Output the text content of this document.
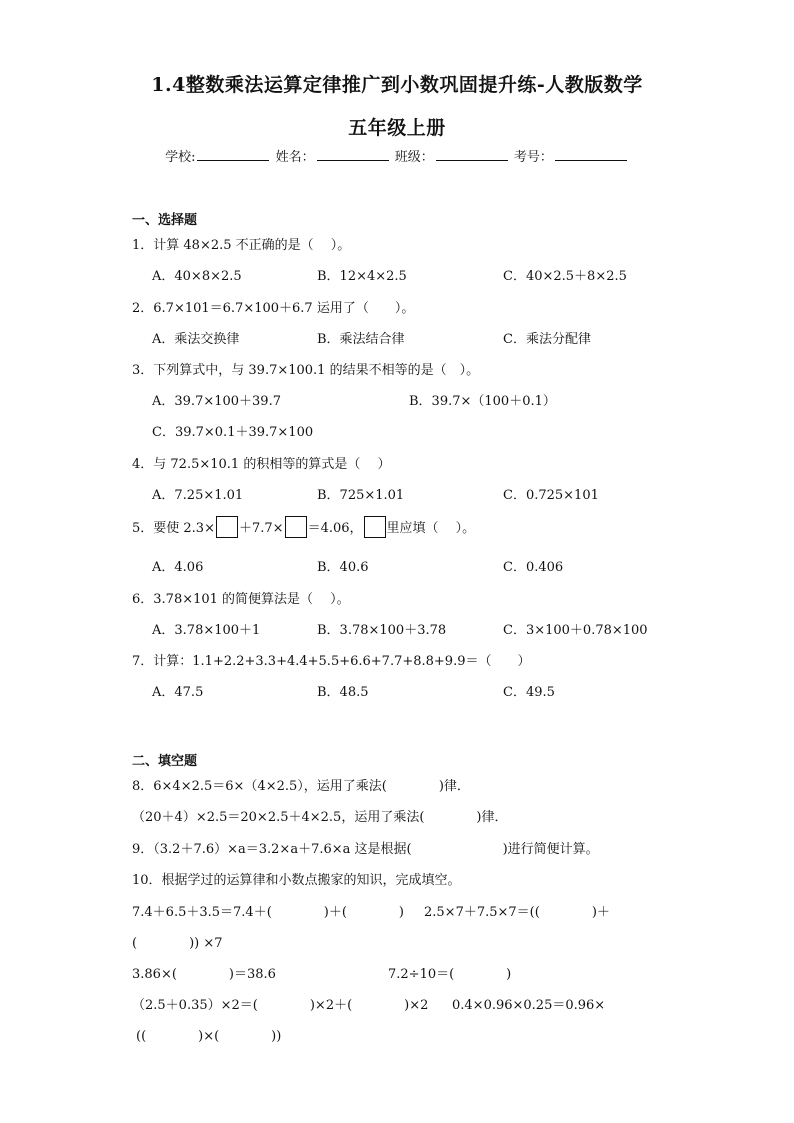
1.4整数乘法运算定律推广到小数巩固提升练-人教版数学
五年级上册
学校:	姓名：	班级：	考号：
一、选择题
1．计算 48×2.5 不正确的是（　 ）。
A．40×8×2.5	B．12×4×2.5	C．40×2.5＋8×2.5
2．6.7×101＝6.7×100＋6.7 运用了（　　）。
A．乘法交换律	B．乘法结合律	C．乘法分配律
3．下列算式中，与 39.7×100.1 的结果不相等的是（　）。
A．39.7×100＋39.7	B．39.7×（100＋0.1）
C．39.7×0.1＋39.7×100
4．与 72.5×10.1 的积相等的算式是（　 ）
A．7.25×1.01	B．725×1.01	C．0.725×101
5．要使 2.3× ＋7.7× ＝4.06， 里应填（　 ）。
A．4.06	B．40.6	C．0.406
6．3.78×101 的简便算法是（　 ）。
A．3.78×100＋1	B．3.78×100＋3.78	C．3×100＋0.78×100
7．计算：1.1+2.2+3.3+4.4+5.5+6.6+7.7+8.8+9.9＝（　　）
A．47.5	B．48.5	C．49.5
二、填空题
8．6×4×2.5＝6×（4×2.5），运用了乘法(　　　　)律．
（20＋4）×2.5＝20×2.5＋4×2.5，运用了乘法(　　　　)律．
9．（3.2＋7.6）×a＝3.2×a＋7.6×a 这是根据(　　　　　　　)进行简便计算。
10．根据学过的运算律和小数点搬家的知识，完成填空。
7.4＋6.5＋3.5＝7.4＋(　　　　)＋(　　　　) 2.5×7＋7.5×7＝((　　　　)＋
(　　　　)) ×7
3.86×(　　　　)＝38.6	7.2÷10＝(　　　　)
（2.5＋0.35）×2＝(　　　　)×2＋(　　　　)×2 0.4×0.96×0.25＝0.96×
((　　　　)×(　　　　))
